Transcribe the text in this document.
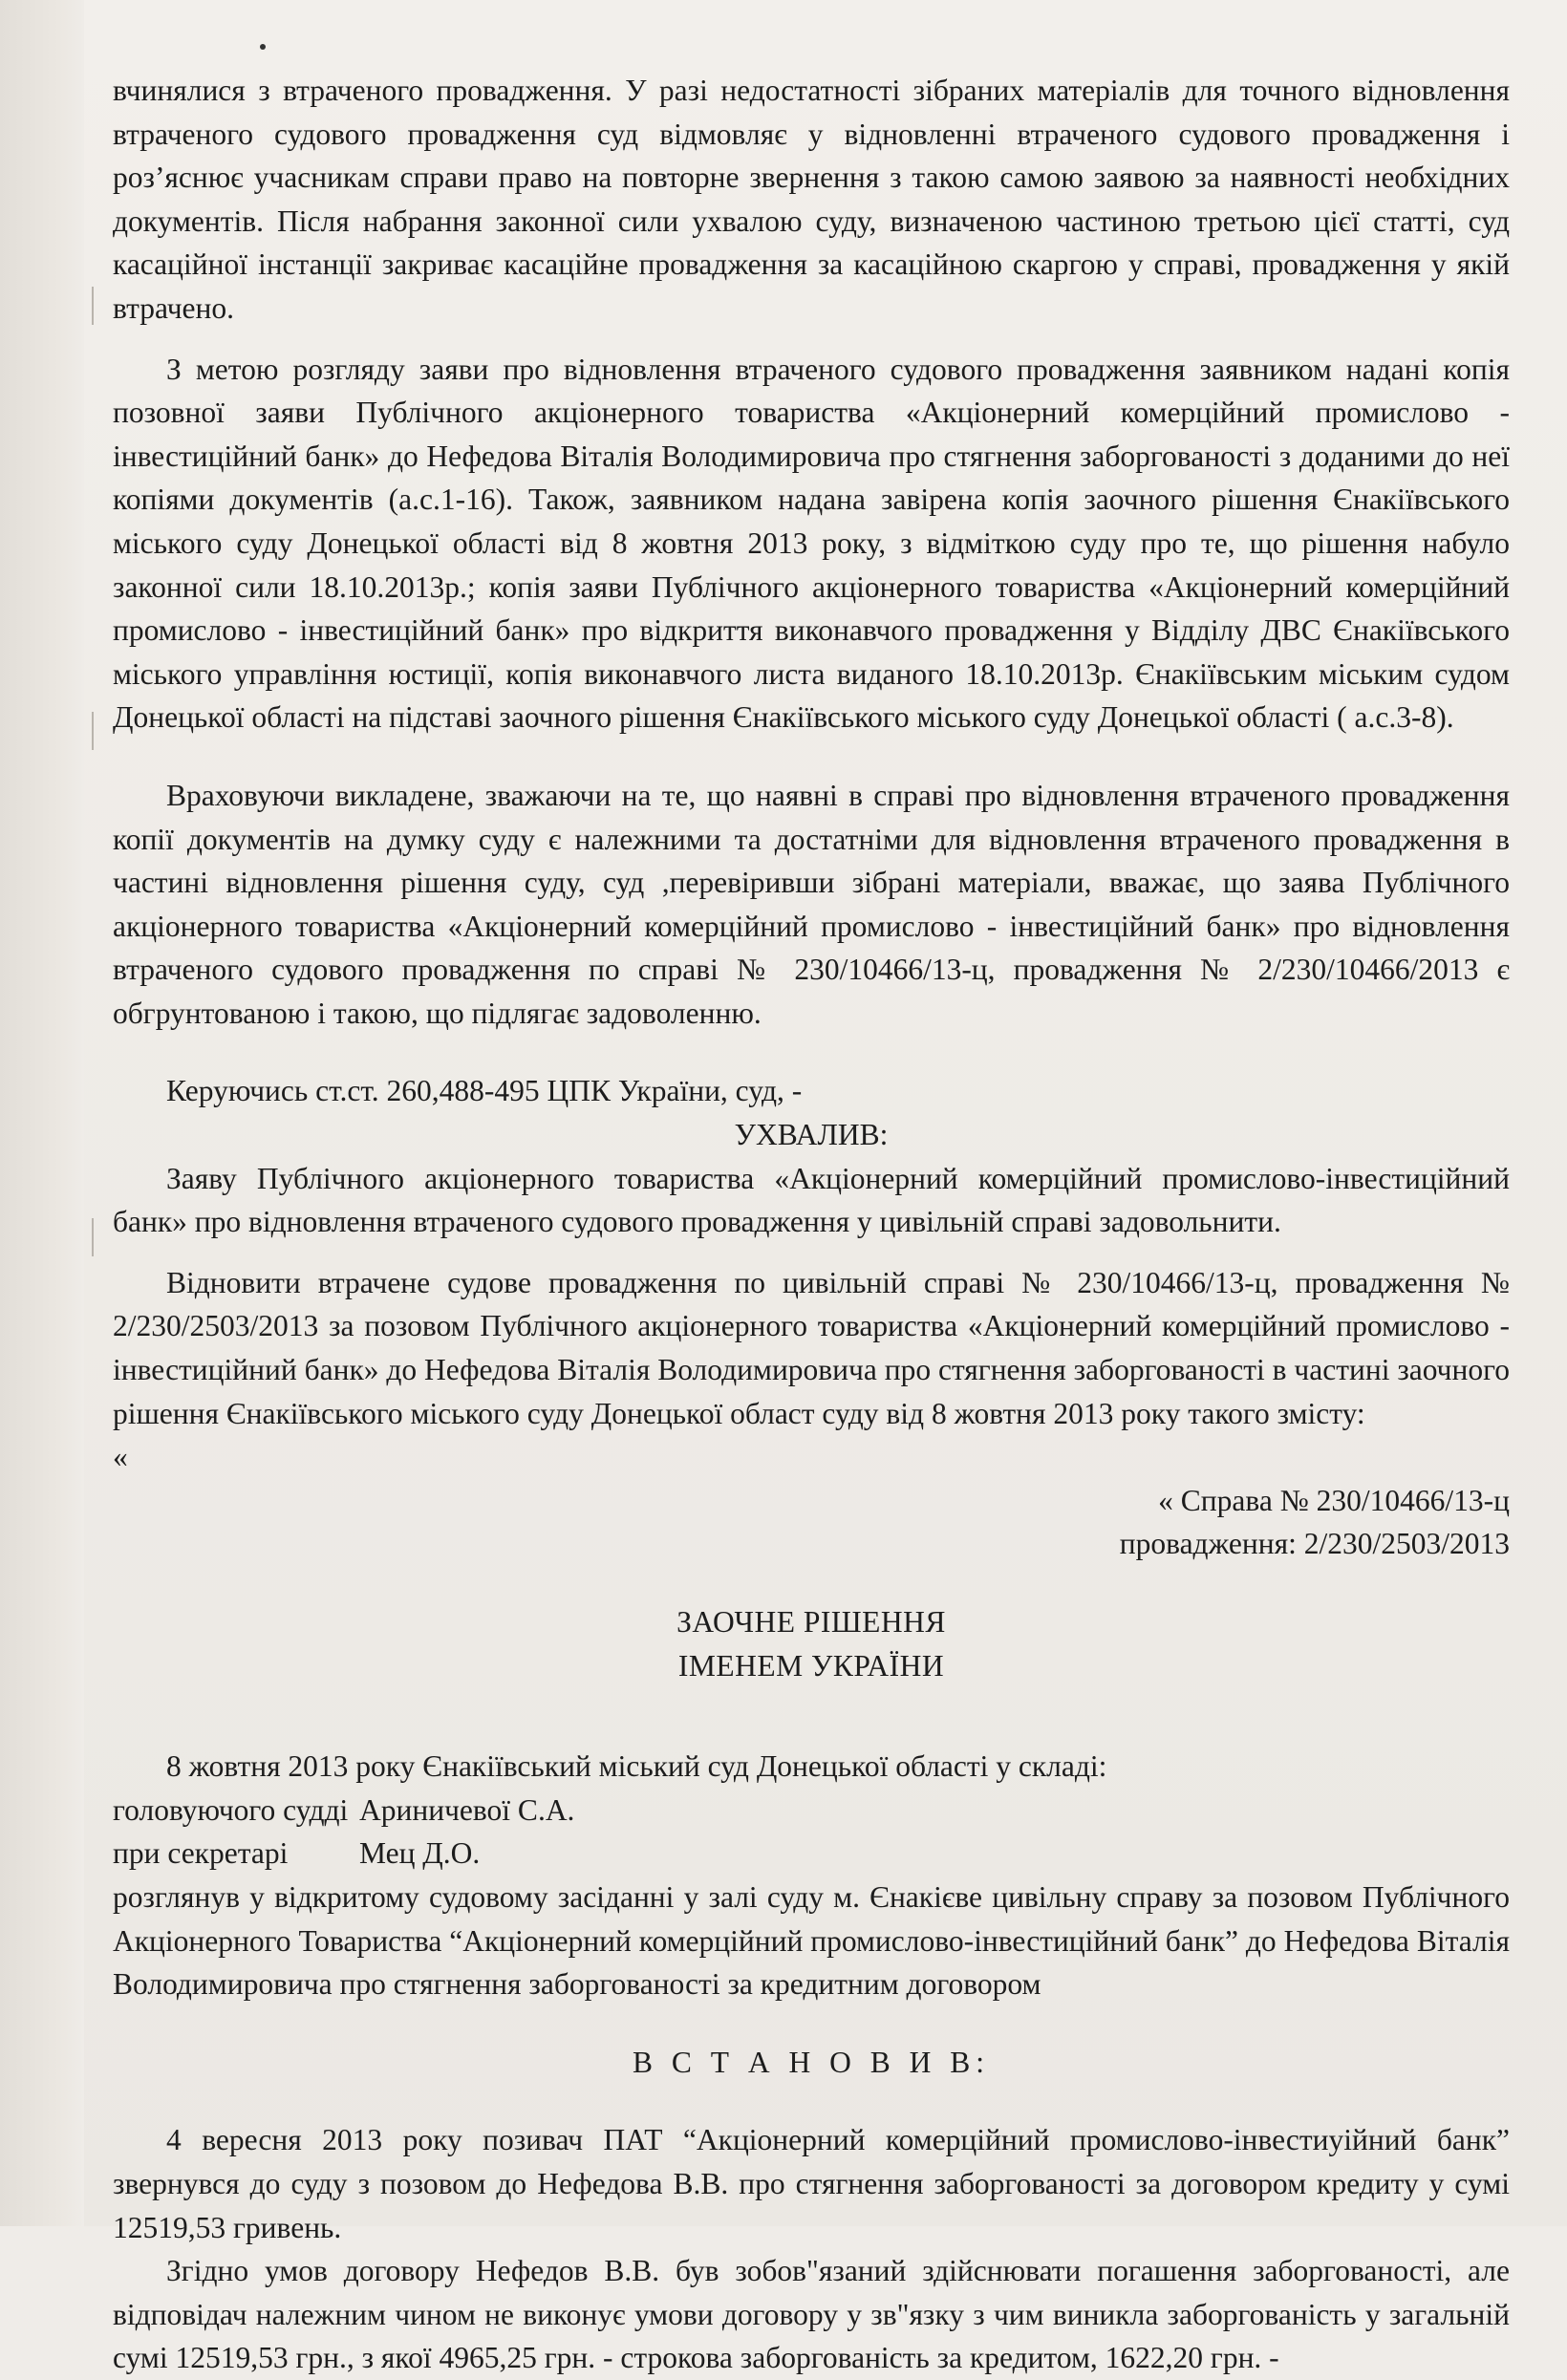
вчинялися з втраченого провадження. У разі недостатності зібраних матеріалів для точного відновлення втраченого судового провадження суд відмовляє у відновленні втраченого судового провадження і роз’яснює учасникам справи право на повторне звернення з такою самою заявою за наявності необхідних документів. Після набрання законної сили ухвалою суду, визначеною частиною третьою цієї статті, суд касаційної інстанції закриває касаційне провадження за касаційною скаргою у справі, провадження у якій втрачено.

З метою розгляду заяви про відновлення втраченого судового провадження заявником надані копія позовної заяви Публічного акціонерного товариства «Акціонерний комерційний промислово - інвестиційний банк» до Нефедова Віталія Володимировича про стягнення заборгованості з доданими до неї копіями документів (а.с.1-16). Також, заявником надана завірена копія заочного рішення Єнакіївського міського суду Донецької області від 8 жовтня 2013 року, з відміткою суду про те, що рішення набуло законної сили 18.10.2013р.; копія заяви Публічного акціонерного товариства «Акціонерний комерційний промислово - інвестиційний банк» про відкриття виконавчого провадження у Відділу ДВС Єнакіївського міського управління юстиції, копія виконавчого листа виданого 18.10.2013р. Єнакіївським міським судом Донецької області на підставі заочного рішення Єнакіївського міського суду Донецької області ( а.с.3-8).

Враховуючи викладене, зважаючи на те, що наявні в справі про відновлення втраченого провадження копії документів на думку суду є належними та достатніми для відновлення втраченого провадження в частині відновлення рішення суду, суд ,перевіривши зібрані матеріали, вважає, що заява Публічного акціонерного товариства «Акціонерний комерційний промислово - інвестиційний банк» про відновлення втраченого судового провадження по справі № 230/10466/13-ц, провадження № 2/230/10466/2013 є обгрунтованою і такою, що підлягає задоволенню.

Керуючись ст.ст. 260,488-495 ЦПК України, суд, -

УХВАЛИВ:

Заяву Публічного акціонерного товариства «Акціонерний комерційний промислово-інвестиційний банк» про відновлення втраченого судового провадження у цивільній справі задовольнити.

Відновити втрачене судове провадження по цивільній справі № 230/10466/13-ц, провадження № 2/230/2503/2013 за позовом Публічного акціонерного товариства «Акціонерний комерційний промислово - інвестиційний банк» до Нефедова Віталія Володимировича про стягнення заборгованості в частині заочного рішення Єнакіївського міського суду Донецької област суду від 8 жовтня 2013 року такого змісту:

«

« Справа № 230/10466/13-ц

провадження: 2/230/2503/2013

ЗАОЧНЕ РІШЕННЯ

ІМЕНЕМ УКРАЇНИ

8 жовтня 2013 року Єнакіївський міський суд Донецької області у складі:

головуючого судді Ариничевої С.А.
при секретарі	Мец Д.О.

розглянув у відкритому судовому засіданні у залі суду м. Єнакієве цивільну справу за позовом Публічного Акціонерного Товариства “Акціонерний комерційний промислово-інвестиційний банк” до Нефедова Віталія Володимировича про стягнення заборгованості за кредитним договором

В С Т А Н О В И В:

4 вересня 2013 року позивач ПАТ “Акціонерний комерційний промислово-інвестиуійний банк” звернувся до суду з позовом до Нефедова В.В. про стягнення заборгованості за договором кредиту у сумі 12519,53 гривень.

Згідно умов договору Нефедов В.В. був зобов"язаний здійснювати погашення заборгованості, але відповідач належним чином не виконує умови договору у зв"язку з чим виникла заборгованість у загальній сумі 12519,53 грн., з якої 4965,25 грн. - строкова заборгованість за кредитом, 1622,20 грн. -
